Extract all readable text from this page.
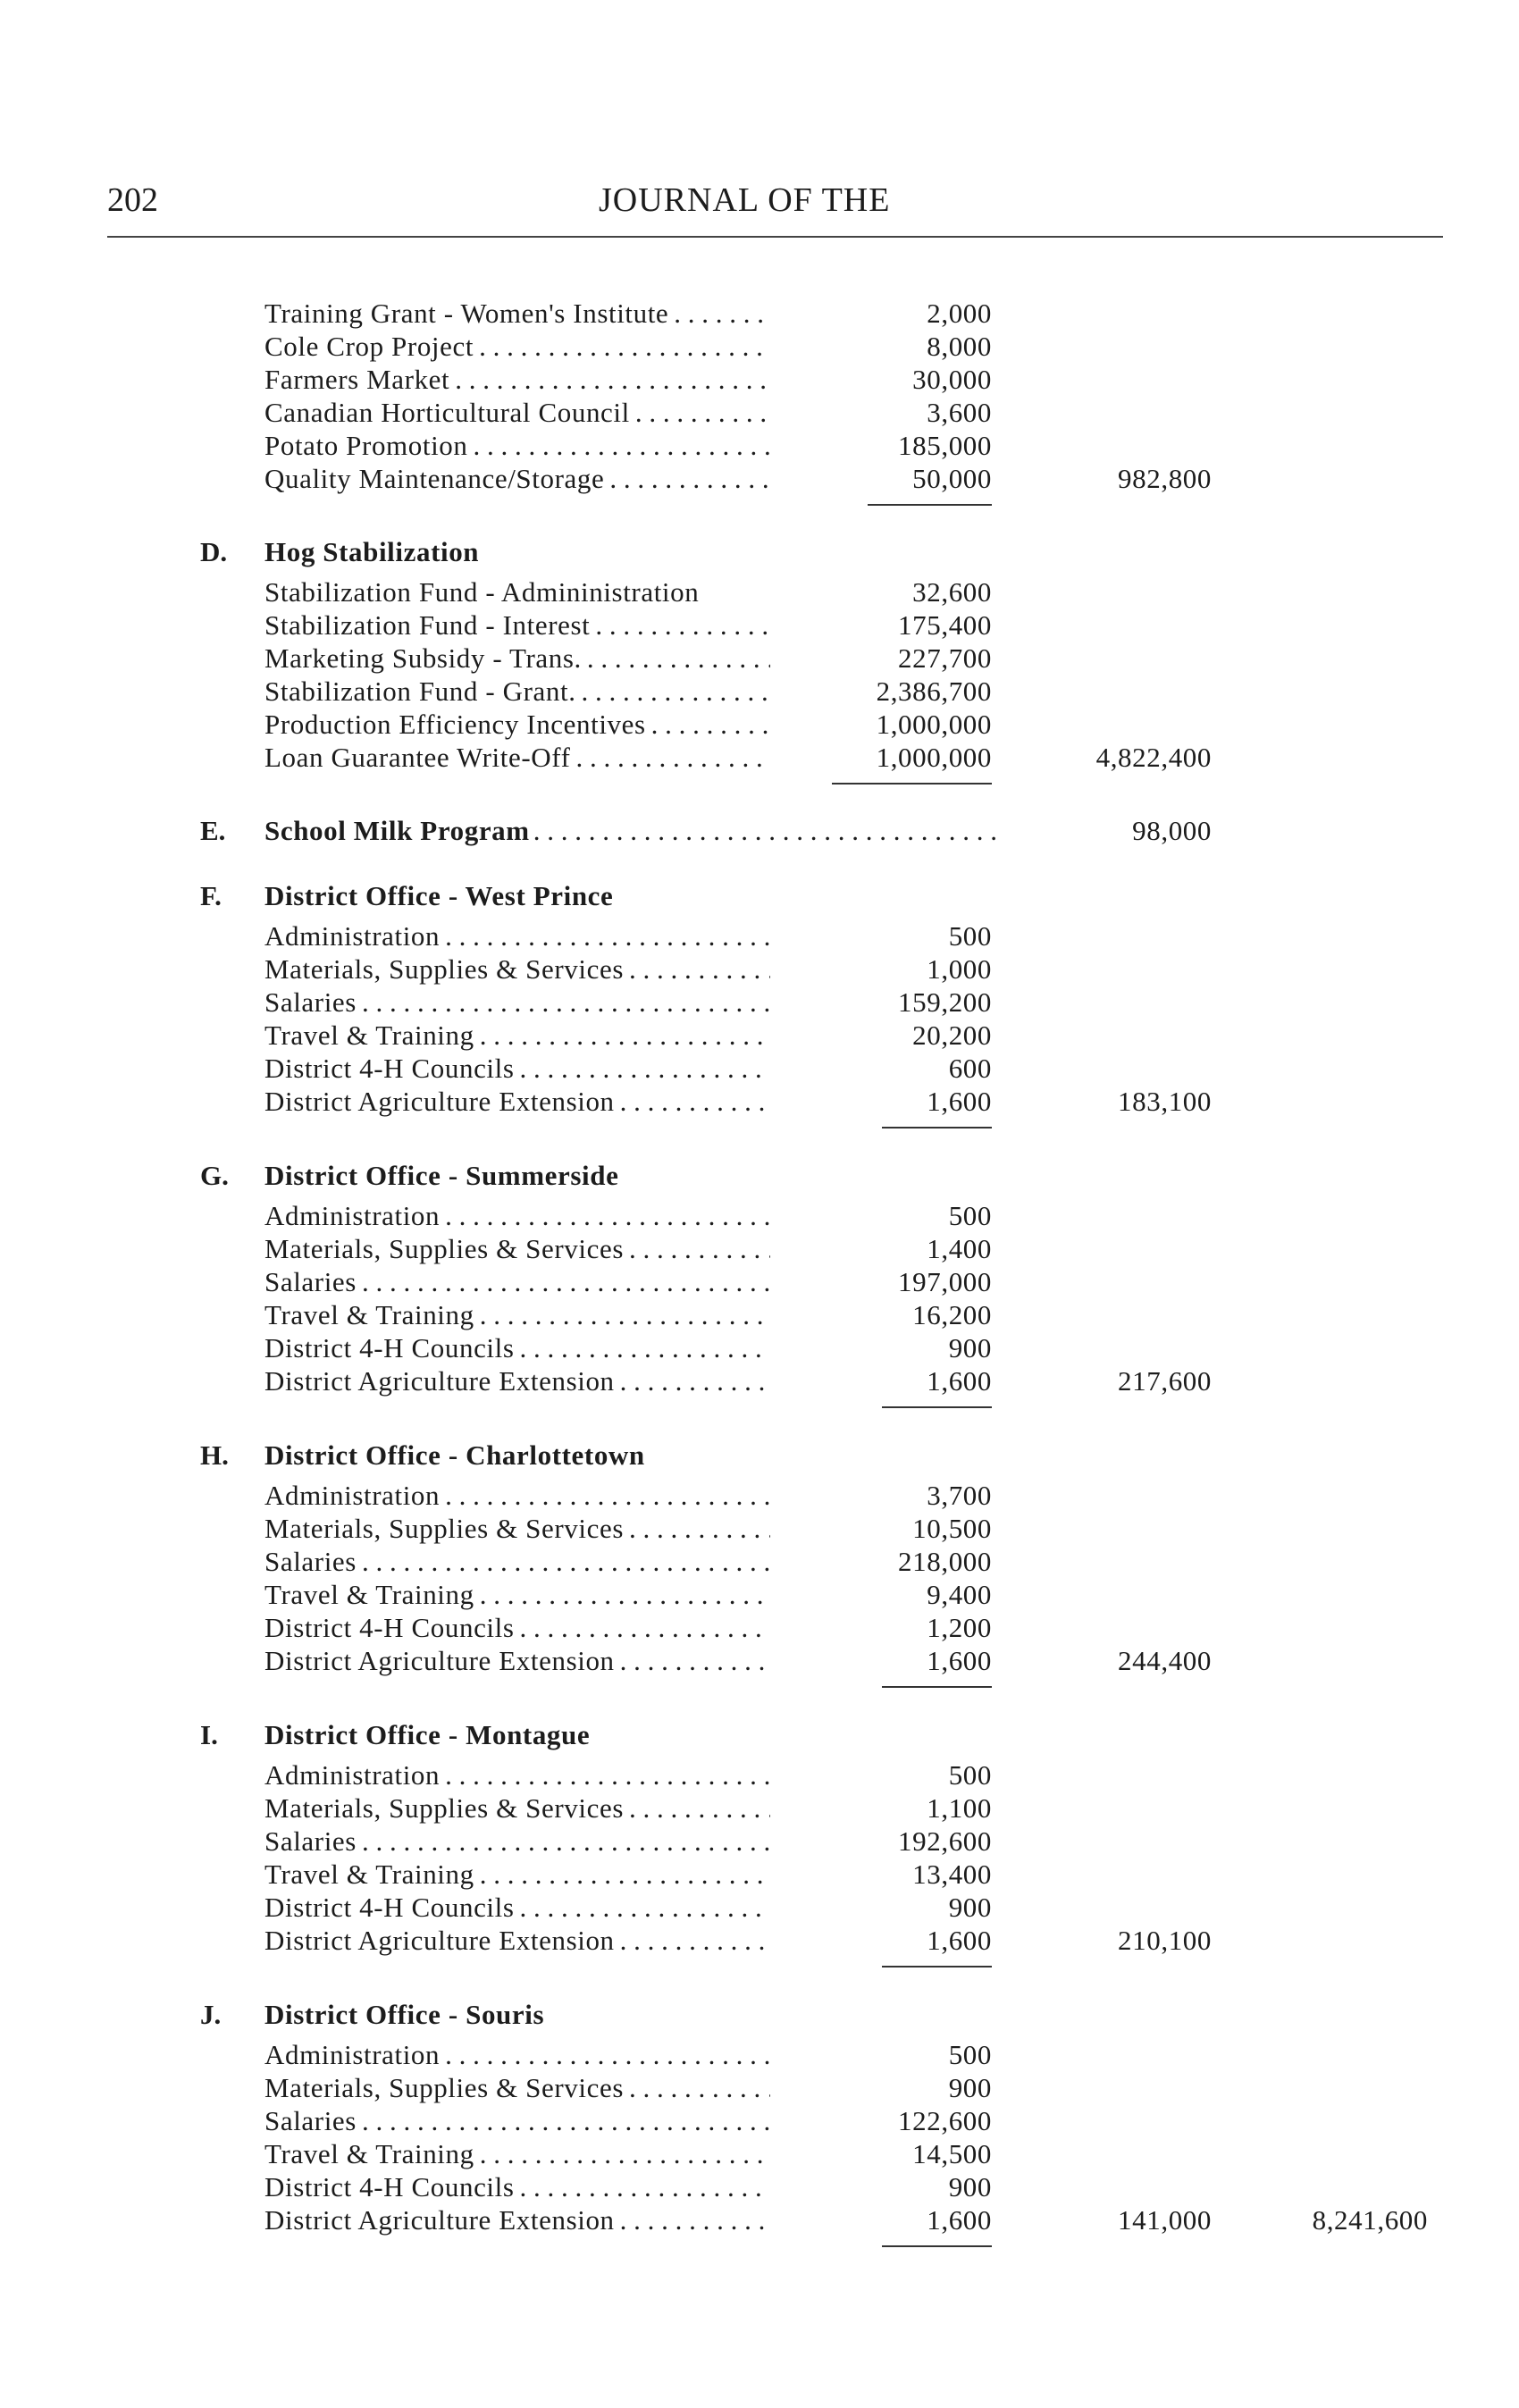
202	JOURNAL OF THE
Training Grant - Women's Institute . . .	2,000
Cole Crop Project . . .	8,000
Farmers Market . . .	30,000
Canadian Horticultural Council . . .	3,600
Potato Promotion . . .	185,000
Quality Maintenance/Storage . . .	50,000	982,800
D. Hog Stabilization
Stabilization Fund - Admininistration	32,600
Stabilization Fund - Interest . . .	175,400
Marketing Subsidy - Trans. . . .	227,700
Stabilization Fund - Grant. . . .	2,386,700
Production Efficiency Incentives . . .	1,000,000
Loan Guarantee Write-Off . . .	1,000,000	4,822,400
E. School Milk Program . . .	98,000
F. District Office - West Prince
Administration . . .	500
Materials, Supplies & Services . . .	1,000
Salaries . . .	159,200
Travel & Training . . .	20,200
District 4-H Councils . . .	600
District Agriculture Extension . . .	1,600	183,100
G. District Office - Summerside
Administration . . .	500
Materials, Supplies & Services . . .	1,400
Salaries . . .	197,000
Travel & Training . . .	16,200
District 4-H Councils . . .	900
District Agriculture Extension . . .	1,600	217,600
H. District Office - Charlottetown
Administration . . .	3,700
Materials, Supplies & Services . . .	10,500
Salaries . . .	218,000
Travel & Training . . .	9,400
District 4-H Councils . . .	1,200
District Agriculture Extension . . .	1,600	244,400
I. District Office - Montague
Administration . . .	500
Materials, Supplies & Services . . .	1,100
Salaries . . .	192,600
Travel & Training . . .	13,400
District 4-H Councils . . .	900
District Agriculture Extension . . .	1,600	210,100
J. District Office - Souris
Administration . . .	500
Materials, Supplies & Services . . .	900
Salaries . . .	122,600
Travel & Training . . .	14,500
District 4-H Councils . . .	900
District Agriculture Extension . . .	1,600	141,000	8,241,600
